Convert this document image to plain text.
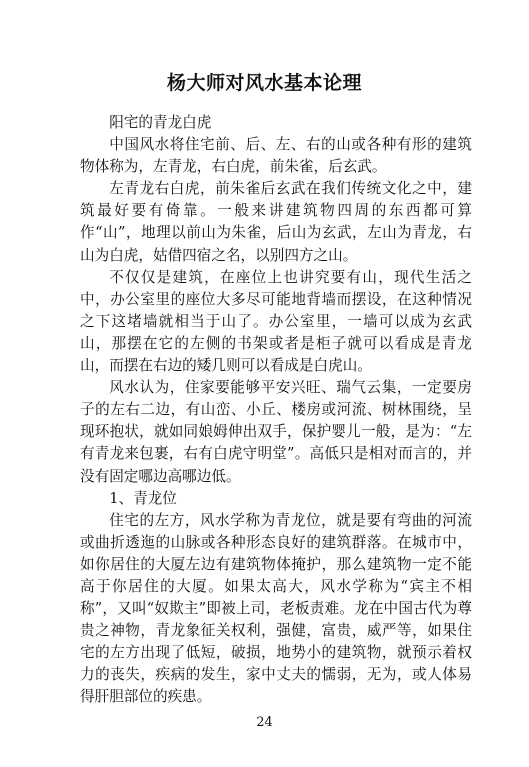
杨大师对风水基本论理

阳宅的青龙白虎

中国风水将住宅前、后、左、右的山或各种有形的建筑物体称为，左青龙，右白虎，前朱雀，后玄武。

左青龙右白虎，前朱雀后玄武在我们传统文化之中，建筑最好要有倚靠。一般来讲建筑物四周的东西都可算作“山”，地理以前山为朱雀，后山为玄武，左山为青龙，右山为白虎，姑借四宿之名，以别四方之山。

不仅仅是建筑，在座位上也讲究要有山，现代生活之中，办公室里的座位大多尽可能地背墙而摆设，在这种情况之下这堵墙就相当于山了。办公室里，一墙可以成为玄武山，那摆在它的左侧的书架或者是柜子就可以看成是青龙山，而摆在右边的矮几则可以看成是白虎山。

风水认为，住家要能够平安兴旺、瑞气云集，一定要房子的左右二边，有山峦、小丘、楼房或河流、树林围绕，呈现环抱状，就如同娘姆伸出双手，保护婴儿一般，是为：“左有青龙来包裹，右有白虎守明堂”。高低只是相对而言的，并没有固定哪边高哪边低。

1、青龙位

住宅的左方，风水学称为青龙位，就是要有弯曲的河流或曲折透迤的山脉或各种形态良好的建筑群落。在城市中，如你居住的大厦左边有建筑物体掩护，那么建筑物一定不能高于你居住的大厦。如果太高大，风水学称为“宾主不相称”，又叫“奴欺主”即被上司，老板责难。龙在中国古代为尊贵之神物，青龙象征关权利，强健，富贵，威严等，如果住宅的左方出现了低短，破损，地势小的建筑物，就预示着权力的丧失，疾病的发生，家中丈夫的懦弱，无为，或人体易得肝胆部位的疾患。

24
